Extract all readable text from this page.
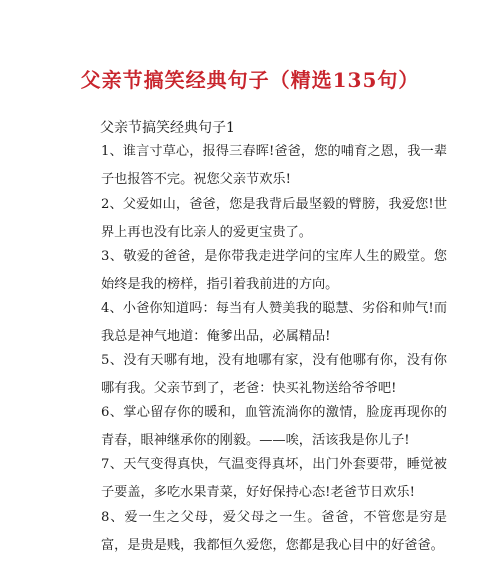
父亲节搞笑经典句子（精选135句）

父亲节搞笑经典句子1

1、谁言寸草心，报得三春晖!爸爸，您的哺育之恩，我一辈子也报答不完。祝您父亲节欢乐!

2、父爱如山，爸爸，您是我背后最坚毅的臂膀，我爱您!世界上再也没有比亲人的爱更宝贵了。

3、敬爱的爸爸，是你带我走进学问的宝库人生的殿堂。您始终是我的榜样，指引着我前进的方向。

4、小爸你知道吗：每当有人赞美我的聪慧、劣俗和帅气!而我总是神气地道：俺爹出品，必属精品!

5、没有天哪有地，没有地哪有家，没有他哪有你，没有你哪有我。父亲节到了，老爸：快买礼物送给爷爷吧!

6、掌心留存你的暖和，血管流淌你的激情，脸庞再现你的青春，眼神继承你的刚毅。——唉，活该我是你儿子!

7、天气变得真快，气温变得真坏，出门外套要带，睡觉被子要盖，多吃水果青菜，好好保持心态!老爸节日欢乐!

8、爱一生之父母，爱父母之一生。爸爸，不管您是穷是富，是贵是贱，我都恒久爱您，您都是我心目中的好爸爸。
